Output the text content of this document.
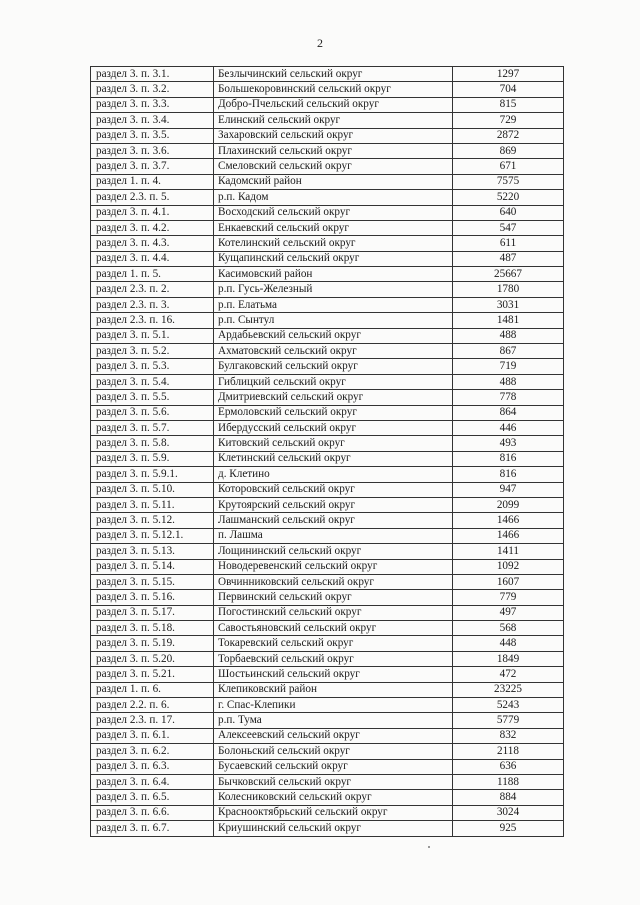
2
раздел 3. п. 3.1.	Безлычинский сельский округ	1297
раздел 3. п. 3.2.	Большекоровинский сельский округ	704
раздел 3. п. 3.3.	Добро-Пчельский сельский округ	815
раздел 3. п. 3.4.	Елинский сельский округ	729
раздел 3. п. 3.5.	Захаровский сельский округ	2872
раздел 3. п. 3.6.	Плахинский сельский округ	869
раздел 3. п. 3.7.	Смеловский сельский округ	671
раздел 1. п. 4.	Кадомский район	7575
раздел 2.3. п. 5.	р.п. Кадом	5220
раздел 3. п. 4.1.	Восходский сельский округ	640
раздел 3. п. 4.2.	Енкаевский сельский округ	547
раздел 3. п. 4.3.	Котелинский сельский округ	611
раздел 3. п. 4.4.	Кущапинский сельский округ	487
раздел 1. п. 5.	Касимовский район	25667
раздел 2.3. п. 2.	р.п. Гусь-Железный	1780
раздел 2.3. п. 3.	р.п. Елатьма	3031
раздел 2.3. п. 16.	р.п. Сынтул	1481
раздел 3. п. 5.1.	Ардабьевский сельский округ	488
раздел 3. п. 5.2.	Ахматовский сельский округ	867
раздел 3. п. 5.3.	Булгаковский сельский округ	719
раздел 3. п. 5.4.	Гиблицкий сельский округ	488
раздел 3. п. 5.5.	Дмитриевский сельский округ	778
раздел 3. п. 5.6.	Ермоловский сельский округ	864
раздел 3. п. 5.7.	Ибердусский сельский округ	446
раздел 3. п. 5.8.	Китовский сельский округ	493
раздел 3. п. 5.9.	Клетинский сельский округ	816
раздел 3. п. 5.9.1.	д. Клетино	816
раздел 3. п. 5.10.	Которовский сельский округ	947
раздел 3. п. 5.11.	Крутоярский сельский округ	2099
раздел 3. п. 5.12.	Лашманский сельский округ	1466
раздел 3. п. 5.12.1.	п. Лашма	1466
раздел 3. п. 5.13.	Лощининский сельский округ	1411
раздел 3. п. 5.14.	Новодеревенский сельский округ	1092
раздел 3. п. 5.15.	Овчинниковский сельский округ	1607
раздел 3. п. 5.16.	Первинский сельский округ	779
раздел 3. п. 5.17.	Погостинский сельский округ	497
раздел 3. п. 5.18.	Савостьяновский сельский округ	568
раздел 3. п. 5.19.	Токаревский сельский округ	448
раздел 3. п. 5.20.	Торбаевский сельский округ	1849
раздел 3. п. 5.21.	Шостьинский сельский округ	472
раздел 1. п. 6.	Клепиковский район	23225
раздел 2.2. п. 6.	г. Спас-Клепики	5243
раздел 2.3. п. 17.	р.п. Тума	5779
раздел 3. п. 6.1.	Алексеевский сельский округ	832
раздел 3. п. 6.2.	Болоньский сельский округ	2118
раздел 3. п. 6.3.	Бусаевский сельский округ	636
раздел 3. п. 6.4.	Бычковский сельский округ	1188
раздел 3. п. 6.5.	Колесниковский сельский округ	884
раздел 3. п. 6.6.	Краснооктябрьский сельский округ	3024
раздел 3. п. 6.7.	Криушинский сельский округ	925
